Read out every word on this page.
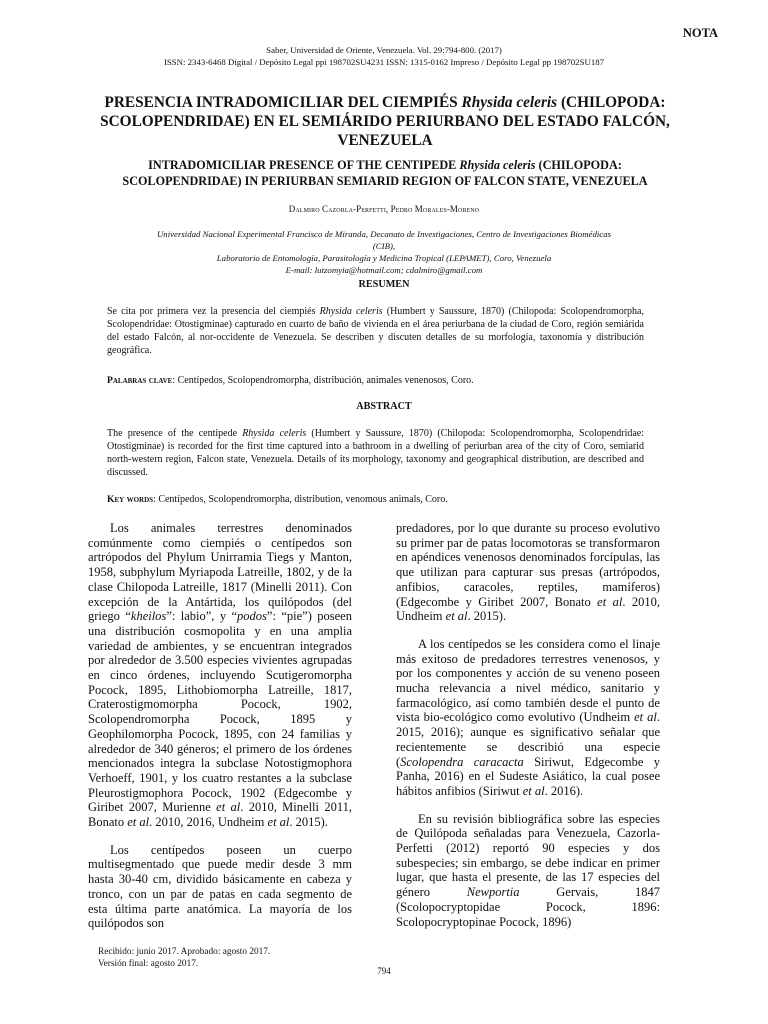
NOTA
Saber, Universidad de Oriente, Venezuela. Vol. 29:794-800. (2017)
ISSN: 2343-6468 Digital / Depósito Legal ppi 198702SU4231 ISSN: 1315-0162 Impreso / Depósito Legal pp 198702SU187
PRESENCIA INTRADOMICILIAR DEL CIEMPIÉS Rhysida celeris (CHILOPODA: SCOLOPENDRIDAE) EN EL SEMIÁRIDO PERIURBANO DEL ESTADO FALCÓN, VENEZUELA
INTRADOMICILIAR PRESENCE OF THE CENTIPEDE Rhysida celeris (CHILOPODA: SCOLOPENDRIDAE) IN PERIURBAN SEMIARID REGION OF FALCON STATE, VENEZUELA
Dalmiro Cazorla-Perfetti, Pedro Morales-Moreno
Universidad Nacional Experimental Francisco de Miranda, Decanato de Investigaciones, Centro de Investigaciones Biomédicas (CIB),
Laboratorio de Entomología, Parasitología y Medicina Tropical (LEPAMET), Coro, Venezuela
E-mail: lutzomyia@hotmail.com; cdalmiro@gmail.com
RESUMEN
Se cita por primera vez la presencia del ciempiés Rhysida celeris (Humbert y Saussure, 1870) (Chilopoda: Scolopendromorpha, Scolopendridae: Otostigminae) capturado en cuarto de baño de vivienda en el área periurbana de la ciudad de Coro, región semiárida del estado Falcón, al nor-occidente de Venezuela. Se describen y discuten detalles de su morfología, taxonomía y distribución geográfica.
Palabras clave: Centípedos, Scolopendromorpha, distribución, animales venenosos, Coro.
ABSTRACT
The presence of the centipede Rhysida celeris (Humbert y Saussure, 1870) (Chilopoda: Scolopendromorpha, Scolopendridae: Otostigminae) is recorded for the first time captured into a bathroom in a dwelling of periurban area of the city of Coro, semiarid north-western region, Falcon state, Venezuela. Details of its morphology, taxonomy and geographical distribution, are described and discussed.
Key words: Centípedos, Scolopendromorpha, distribution, venomous animals, Coro.

Los animales terrestres denominados comúnmente como ciempiés o centípedos son artrópodos del Phylum Unirramia Tiegs y Manton, 1958, subphylum Myriapoda Latreille, 1802, y de la clase Chilopoda Latreille, 1817 (Minelli 2011). Con excepción de la Antártida, los quilópodos (del griego “kheilos”: labio”, y “podos”: “pie”) poseen una distribución cosmopolita y en una amplia variedad de ambientes, y se encuentran integrados por alrededor de 3.500 especies vivientes agrupadas en cinco órdenes, incluyendo Scutigeromorpha Pocock, 1895, Lithobiomorpha Latreille, 1817, Craterostigmomorpha Pocock, 1902, Scolopendromorpha Pocock, 1895 y Geophilomorpha Pocock, 1895, con 24 familias y alrededor de 340 géneros; el primero de los órdenes mencionados integra la subclase Notostigmophora Verhoeff, 1901, y los cuatro restantes a la subclase Pleurostigmophora Pocock, 1902 (Edgecombe y Giribet 2007, Murienne et al. 2010, Minelli 2011, Bonato et al. 2010, 2016, Undheim et al. 2015).

Los centípedos poseen un cuerpo multisegmentado que puede medir desde 3 mm hasta 30-40 cm, dividido básicamente en cabeza y tronco, con un par de patas en cada segmento de esta última parte anatómica. La mayoría de los quilópodos son

predadores, por lo que durante su proceso evolutivo su primer par de patas locomotoras se transformaron en apéndices venenosos denominados forcípulas, las que utilizan para capturar sus presas (artrópodos, anfibios, caracoles, reptiles, mamíferos) (Edgecombe y Giribet 2007, Bonato et al. 2010, Undheim et al. 2015).

A los centípedos se les considera como el linaje más exitoso de predadores terrestres venenosos, y por los componentes y acción de su veneno poseen mucha relevancia a nivel médico, sanitario y farmacológico, así como también desde el punto de vista bio-ecológico como evolutivo (Undheim et al. 2015, 2016); aunque es significativo señalar que recientemente se describió una especie (Scolopendra caracacta Siriwut, Edgecombe y Panha, 2016) en el Sudeste Asiático, la cual posee hábitos anfibios (Siriwut et al. 2016).

En su revisión bibliográfica sobre las especies de Quilópoda señaladas para Venezuela, Cazorla-Perfetti (2012) reportó 90 especies y dos subespecies; sin embargo, se debe indicar en primer lugar, que hasta el presente, de las 17 especies del género Newportia Gervais, 1847 (Scolopocryptopidae Pocock, 1896: Scolopocryptopinae Pocock, 1896)

Recibido: junio 2017. Aprobado: agosto 2017.
Versión final: agosto 2017.
794
